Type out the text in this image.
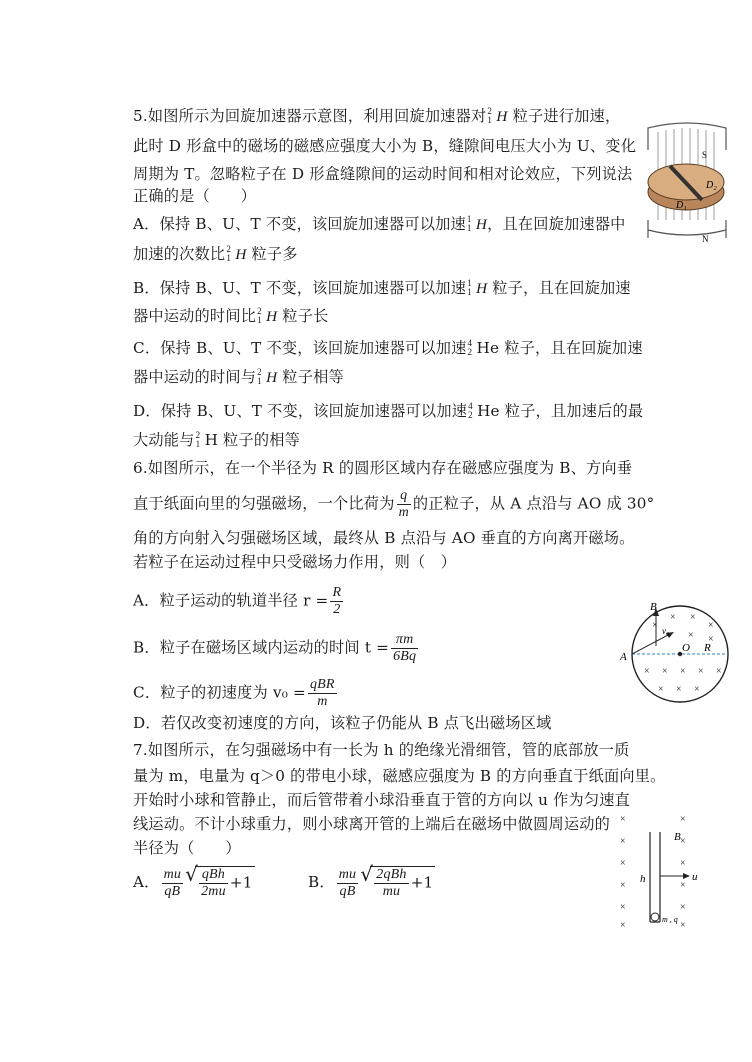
5.如图所示为回旋加速器示意图，利用回旋加速器对 2
1 H 粒子进行加速，
此时 D 形盒中的磁场的磁感应强度大小为 B，缝隙间电压大小为 U、变化
周期为 T。忽略粒子在 D 形盒缝隙间的运动时间和相对论效应，下列说法
正确的是（　　）
A．保持 B、U、T 不变，该回旋加速器可以加速 1
1 H，且在回旋加速器中
加速的次数比 2
1 H 粒子多
B．保持 B、U、T 不变，该回旋加速器可以加速 1
1 H 粒子，且在回旋加速
器中运动的时间比 2
1 H 粒子长
C．保持 B、U、T 不变，该回旋加速器可以加速 4
2 He 粒子，且在回旋加速
器中运动的时间与 2
1 H 粒子相等
D．保持 B、U、T 不变，该回旋加速器可以加速 4
2 He 粒子，且加速后的最
大动能与 2
1 H 粒子的相等
S
N
D₁
D₂
6.如图所示，在一个半径为 R 的圆形区域内存在磁感应强度为 B、方向垂
直于纸面向里的匀强磁场，一个比荷为 $\frac{q}{m}$ 的正粒子，从 A 点沿与 AO 成 30°
角的方向射入匀强磁场区域，最终从 B 点沿与 AO 垂直的方向离开磁场。
若粒子在运动过程中只受磁场力作用，则（　）
A．粒子运动的轨道半径 $r = \frac{R}{2}$
B．粒子在磁场区域内运动的时间 $t = \frac{\pi m}{6Bq}$
C．粒子的初速度为 $v_0 = \frac{\text{qBR}}{m}$
D．若仅改变初速度的方向，该粒子仍能从 B 点飞出磁场区域
×
× ×
×
× ×
× × × × ×
× × ×
B
A
O R
v₀
7.如图所示，在匀强磁场中有一长为 h 的绝缘光滑细管，管的底部放一质
量为 m，电量为 q＞0 的带电小球，磁感应强度为 B 的方向垂直于纸面向里。
开始时小球和管静止，而后管带着小球沿垂直于管的方向以 u 作为匀速直
线运动。不计小球重力，则小球离开管的上端后在磁场中做圆周运动的
半径为（　　）
A． $\frac{mu}{qB}$ √ $\frac{\text{qBh}}{2mu} +1$	B． $\frac{mu}{qB}$ √ $\frac{\text{2qBh}}{mu} +1$
×
×
×
×
×
×
×
×
×
×
×
×
B
h	u
m , q
